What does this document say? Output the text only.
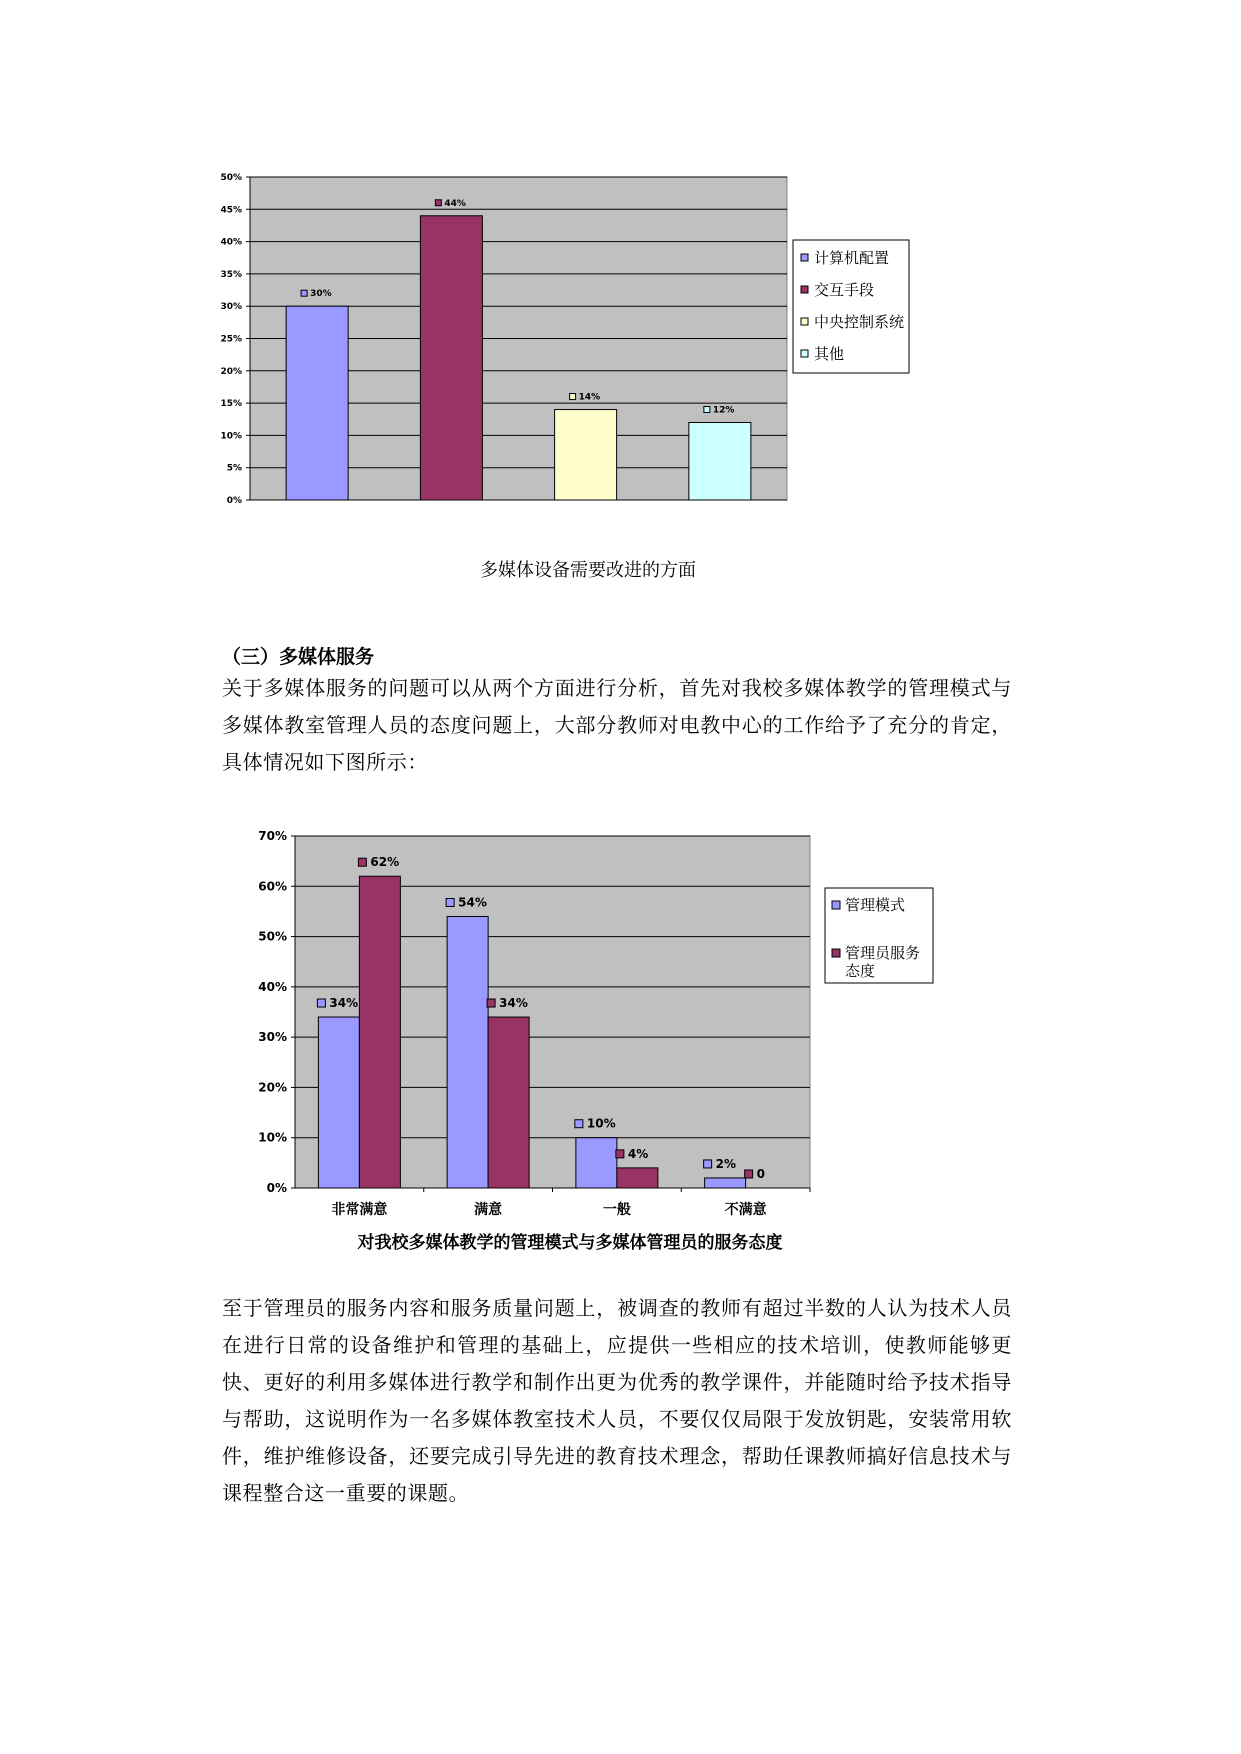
0%
5%
10%
15%
20%
25%
30%
35%
40%
45%
50%
30%
44%
14%
12%
计算机配置
交互手段
中央控制系统
其他
多媒体设备需要改进的方面
（三）多媒体服务
关于多媒体服务的问题可以从两个方面进行分析，首先对我校多媒体教学的管理模式与多媒体教室管理人员的态度问题上，大部分教师对电教中心的工作给予了充分的肯定，具体情况如下图所示：
0%
10%
20%
30%
40%
50%
60%
70%
非常满意
34%
62%
满意
54%
34%
一般
10%
4%
不满意
2%
0
管理模式
管理员服务
态度
对我校多媒体教学的管理模式与多媒体管理员的服务态度
至于管理员的服务内容和服务质量问题上，被调查的教师有超过半数的人认为技术人员在进行日常的设备维护和管理的基础上，应提供一些相应的技术培训，使教师能够更快、更好的利用多媒体进行教学和制作出更为优秀的教学课件，并能随时给予技术指导与帮助，这说明作为一名多媒体教室技术人员，不要仅仅局限于发放钥匙，安装常用软件，维护维修设备，还要完成引导先进的教育技术理念，帮助任课教师搞好信息技术与课程整合这一重要的课题。
